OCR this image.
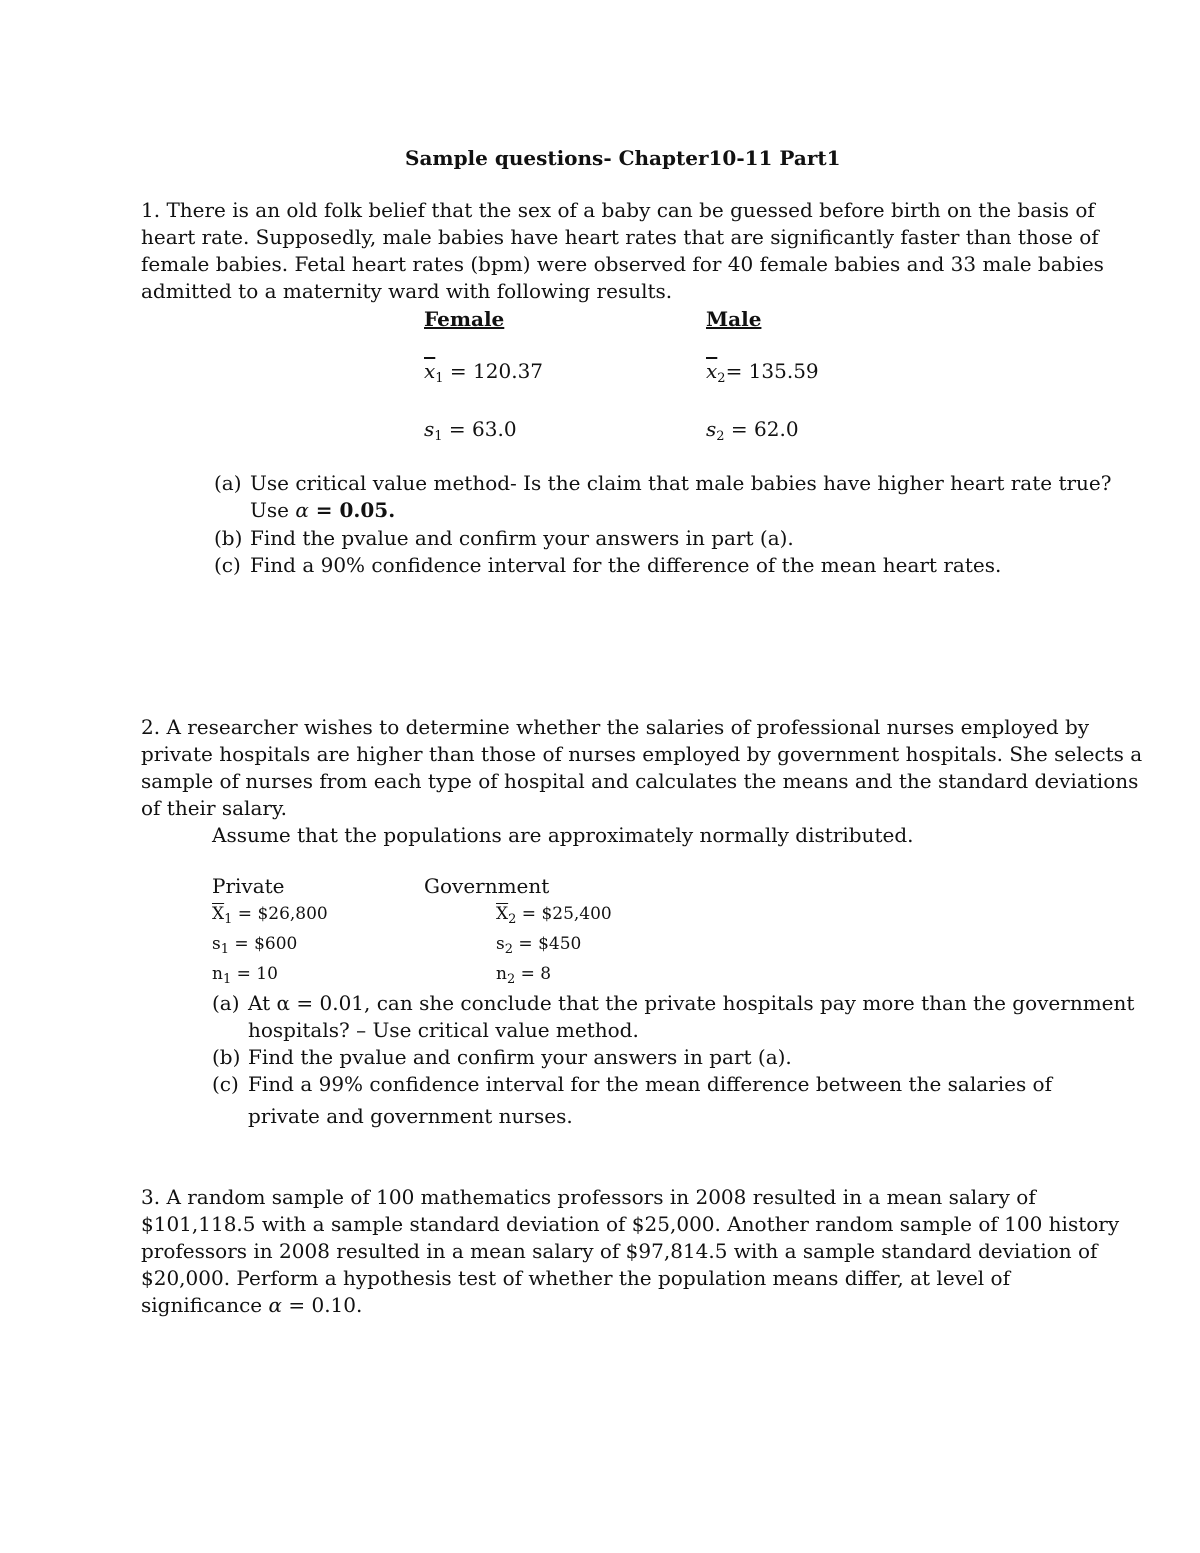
Sample questions- Chapter10-11 Part1
1. There is an old folk belief that the sex of a baby can be guessed before birth on the basis of
heart rate. Supposedly, male babies have heart rates that are significantly faster than those of
female babies. Fetal heart rates (bpm) were observed for 40 female babies and 33 male babies
admitted to a maternity ward with following results.
Female	Male
$\overline{x}_1 = 120.37$	$\overline{x}_2= 135.59$
$s_1 = 63.0$	$s_2 = 62.0$
(a) Use critical value method- Is the claim that male babies have higher heart rate true?
Use α = 0.05.
(b) Find the pvalue and confirm your answers in part (a).
(c) Find a 90% confidence interval for the difference of the mean heart rates.
2. A researcher wishes to determine whether the salaries of professional nurses employed by
private hospitals are higher than those of nurses employed by government hospitals. She selects a
sample of nurses from each type of hospital and calculates the means and the standard deviations
of their salary.
Assume that the populations are approximately normally distributed.
Private	Government
$\overline{X}_1$ = $26,800	$\overline{X}_2$ = $25,400
$s_1$ = $600	$s_2$ = $450
$n_1 = 10$	$n_2 = 8$
(a) At α = 0.01, can she conclude that the private hospitals pay more than the government
hospitals? – Use critical value method.
(b) Find the pvalue and confirm your answers in part (a).
(c) Find a 99% confidence interval for the mean difference between the salaries of
private and government nurses.
3. A random sample of 100 mathematics professors in 2008 resulted in a mean salary of
$101,118.5 with a sample standard deviation of $25,000. Another random sample of 100 history
professors in 2008 resulted in a mean salary of $97,814.5 with a sample standard deviation of
$20,000. Perform a hypothesis test of whether the population means differ, at level of
significance α = 0.10.
